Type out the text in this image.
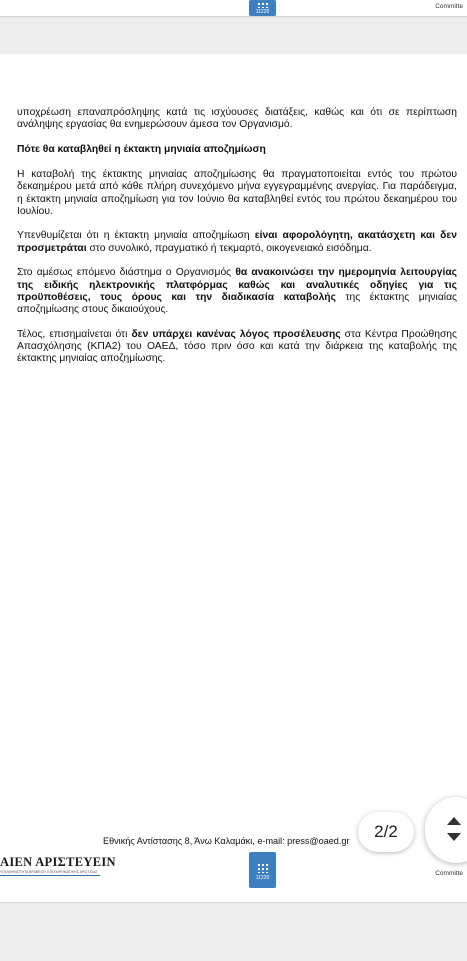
11220
Committe

υποχρέωση επαναπρόσληψης κατά τις ισχύουσες διατάξεις, καθώς και ότι σε περίπτωση ανάληψης εργασίας θα ενημερώσουν άμεσα τον Οργανισμό.

Πότε θα καταβληθεί η έκτακτη μηνιαία αποζημίωση

Η καταβολή της έκτακτης μηνιαίας αποζημίωσης θα πραγματοποιείται εντός του πρώτου δεκαημέρου μετά από κάθε πλήρη συνεχόμενο μήνα εγγεγραμμένης ανεργίας. Για παράδειγμα, η έκτακτη μηνιαία αποζημίωση για τον Ιούνιο θα καταβληθεί εντός του πρώτου δεκαημέρου του Ιουλίου.

Υπενθυμίζεται ότι η έκτακτη μηνιαία αποζημίωση είναι αφορολόγητη, ακατάσχετη και δεν προσμετράται στο συνολικό, πραγματικό ή τεκμαρτό, οικογενειακό εισόδημα.

Στο αμέσως επόμενο διάστημα ο Οργανισμός θα ανακοινώσει την ημερομηνία λειτουργίας της ειδικής ηλεκτρονικής πλατφόρμας καθώς και αναλυτικές οδηγίες για τις προϋποθέσεις, τους όρους και την διαδικασία καταβολής της έκτακτης μηνιαίας αποζημίωσης στους δικαιούχους.

Τέλος, επισημαίνεται ότι δεν υπάρχει κανένας λόγος προσέλευσης στα Κέντρα Προώθησης Απασχόλησης (ΚΠΑ2) του ΟΑΕΔ, τόσο πριν όσο και κατά την διάρκεια της καταβολής της έκτακτης μηνιαίας αποζημίωσης.

Εθνικής Αντίστασης 8, Άνω Καλαμάκι, e-mail: press@oaed.gr
ΑΙΕΝ ΑΡΙΣΤΕΥΕΙΝ
ΥΠΟΨΗΦΙΟΤΗΤΑ ΒΡΑΒΕΙΟΥ ΕΠΙΧΕΙΡΗΜΑΤΙΚΗΣ ΑΡΙΣΤΕΙΑΣ
11220
Committe
2/2
